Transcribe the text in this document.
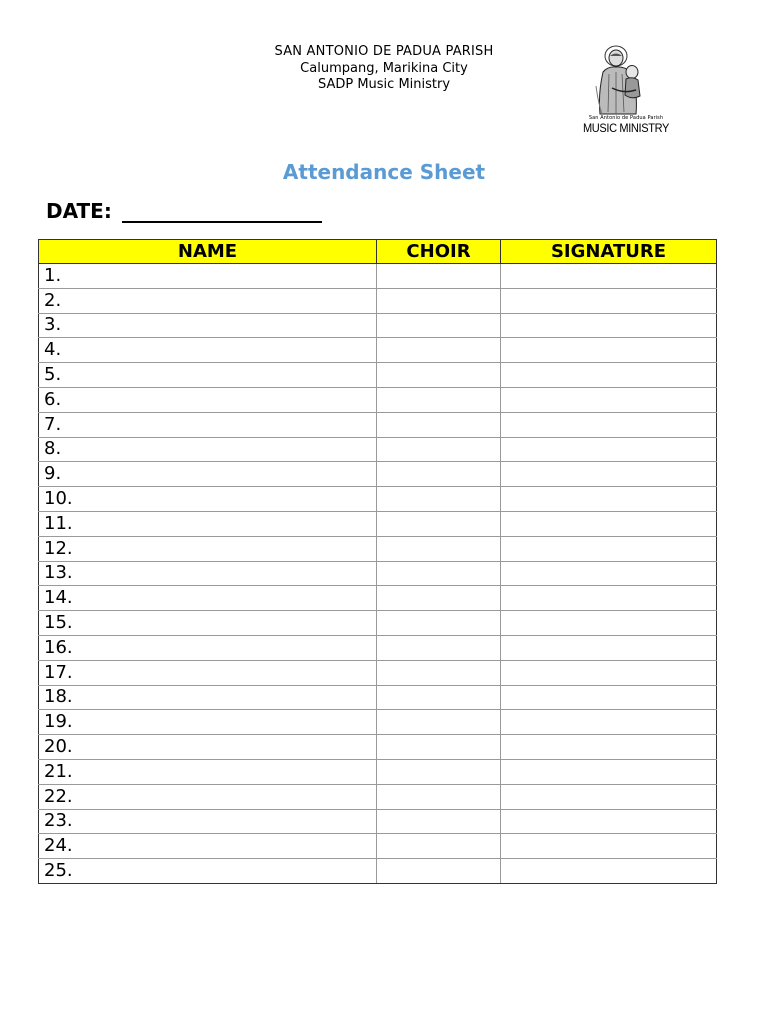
SAN ANTONIO DE PADUA PARISH
Calumpang, Marikina City
SADP Music Ministry
San Antonio de Padua Parish
MUSIC MINISTRY
Attendance Sheet
DATE:
NAME	CHOIR	SIGNATURE
1.		
2.		
3.		
4.		
5.		
6.		
7.		
8.		
9.		
10.		
11.		
12.		
13.		
14.		
15.		
16.		
17.		
18.		
19.		
20.		
21.		
22.		
23.		
24.		
25.		
